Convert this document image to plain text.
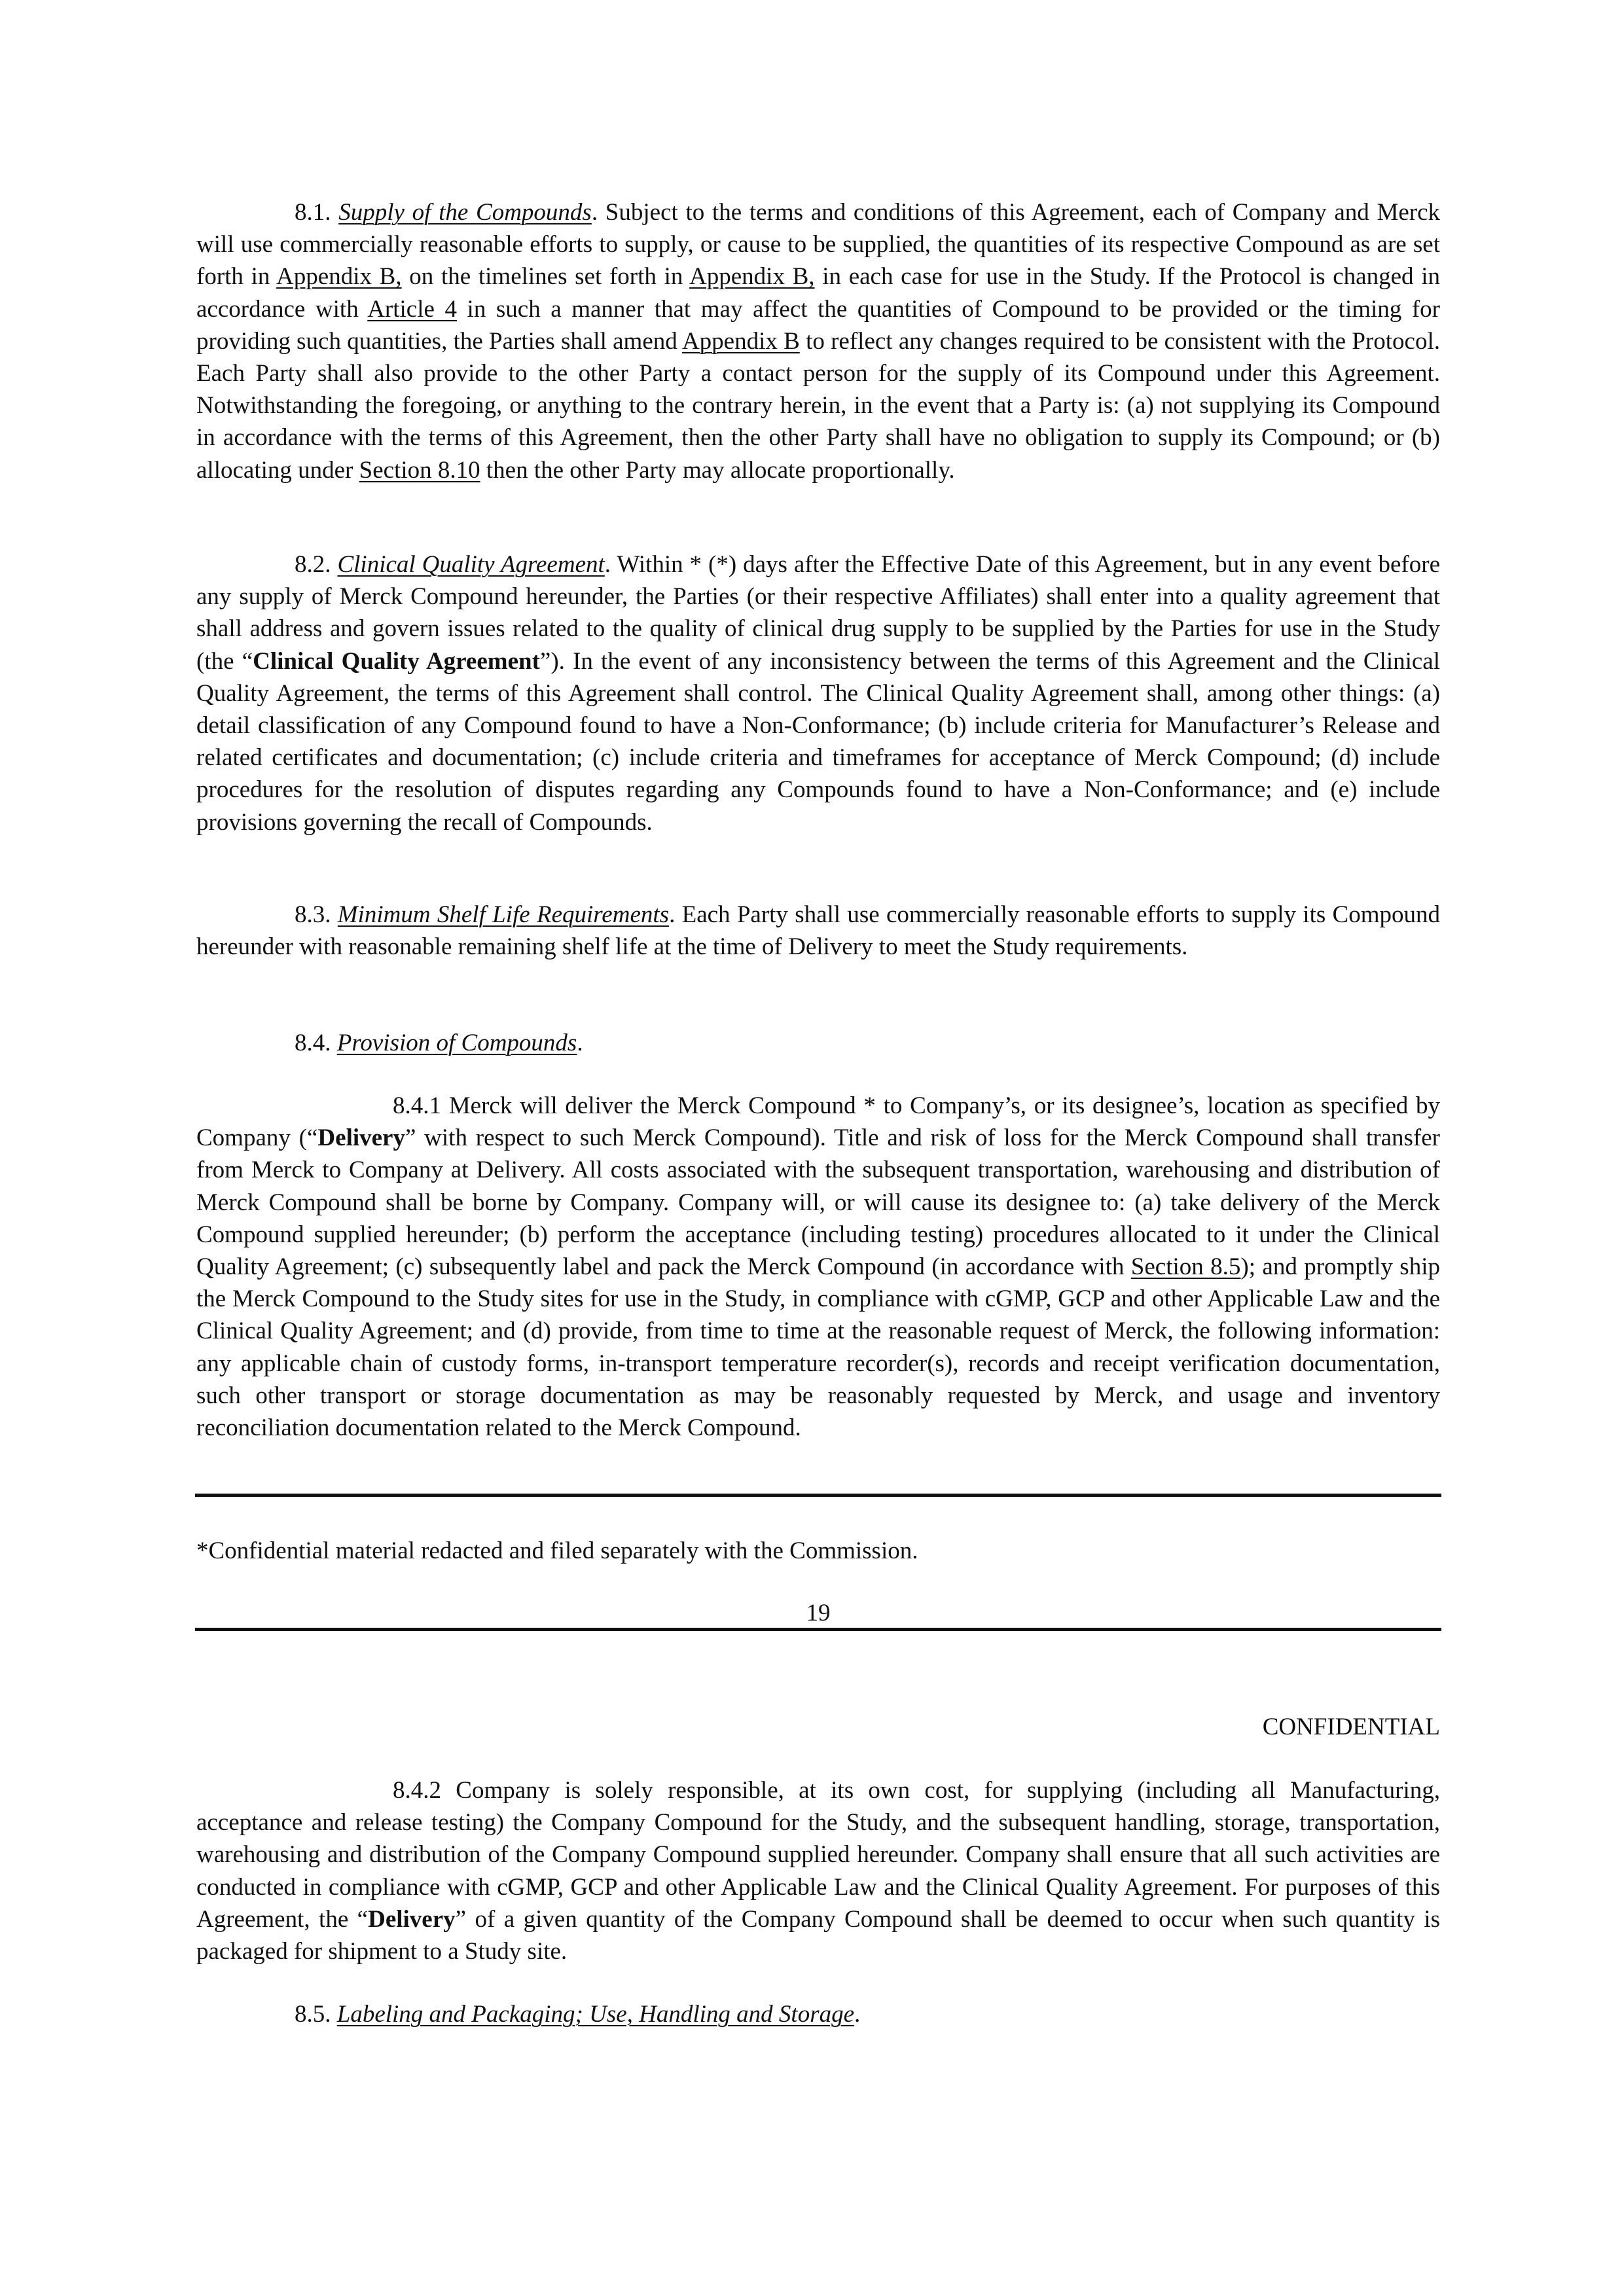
8.1. Supply of the Compounds. Subject to the terms and conditions of this Agreement, each of Company and Merck will use commercially reasonable efforts to supply, or cause to be supplied, the quantities of its respective Compound as are set forth in Appendix B, on the timelines set forth in Appendix B, in each case for use in the Study. If the Protocol is changed in accordance with Article 4 in such a manner that may affect the quantities of Compound to be provided or the timing for providing such quantities, the Parties shall amend Appendix B to reflect any changes required to be consistent with the Protocol. Each Party shall also provide to the other Party a contact person for the supply of its Compound under this Agreement. Notwithstanding the foregoing, or anything to the contrary herein, in the event that a Party is: (a) not supplying its Compound in accordance with the terms of this Agreement, then the other Party shall have no obligation to supply its Compound; or (b) allocating under Section 8.10 then the other Party may allocate proportionally.

8.2. Clinical Quality Agreement. Within * (*) days after the Effective Date of this Agreement, but in any event before any supply of Merck Compound hereunder, the Parties (or their respective Affiliates) shall enter into a quality agreement that shall address and govern issues related to the quality of clinical drug supply to be supplied by the Parties for use in the Study (the “Clinical Quality Agreement”). In the event of any inconsistency between the terms of this Agreement and the Clinical Quality Agreement, the terms of this Agreement shall control. The Clinical Quality Agreement shall, among other things: (a) detail classification of any Compound found to have a Non-Conformance; (b) include criteria for Manufacturer’s Release and related certificates and documentation; (c) include criteria and timeframes for acceptance of Merck Compound; (d) include procedures for the resolution of disputes regarding any Compounds found to have a Non-Conformance; and (e) include provisions governing the recall of Compounds.

8.3. Minimum Shelf Life Requirements. Each Party shall use commercially reasonable efforts to supply its Compound hereunder with reasonable remaining shelf life at the time of Delivery to meet the Study requirements.

8.4. Provision of Compounds.

8.4.1 Merck will deliver the Merck Compound * to Company’s, or its designee’s, location as specified by Company (“Delivery” with respect to such Merck Compound). Title and risk of loss for the Merck Compound shall transfer from Merck to Company at Delivery. All costs associated with the subsequent transportation, warehousing and distribution of Merck Compound shall be borne by Company. Company will, or will cause its designee to: (a) take delivery of the Merck Compound supplied hereunder; (b) perform the acceptance (including testing) procedures allocated to it under the Clinical Quality Agreement; (c) subsequently label and pack the Merck Compound (in accordance with Section 8.5); and promptly ship the Merck Compound to the Study sites for use in the Study, in compliance with cGMP, GCP and other Applicable Law and the Clinical Quality Agreement; and (d) provide, from time to time at the reasonable request of Merck, the following information: any applicable chain of custody forms, in-transport temperature recorder(s), records and receipt verification documentation, such other transport or storage documentation as may be reasonably requested by Merck, and usage and inventory reconciliation documentation related to the Merck Compound.

*Confidential material redacted and filed separately with the Commission.

19

CONFIDENTIAL

8.4.2 Company is solely responsible, at its own cost, for supplying (including all Manufacturing, acceptance and release testing) the Company Compound for the Study, and the subsequent handling, storage, transportation, warehousing and distribution of the Company Compound supplied hereunder. Company shall ensure that all such activities are conducted in compliance with cGMP, GCP and other Applicable Law and the Clinical Quality Agreement. For purposes of this Agreement, the “Delivery” of a given quantity of the Company Compound shall be deemed to occur when such quantity is packaged for shipment to a Study site.

8.5. Labeling and Packaging; Use, Handling and Storage.
